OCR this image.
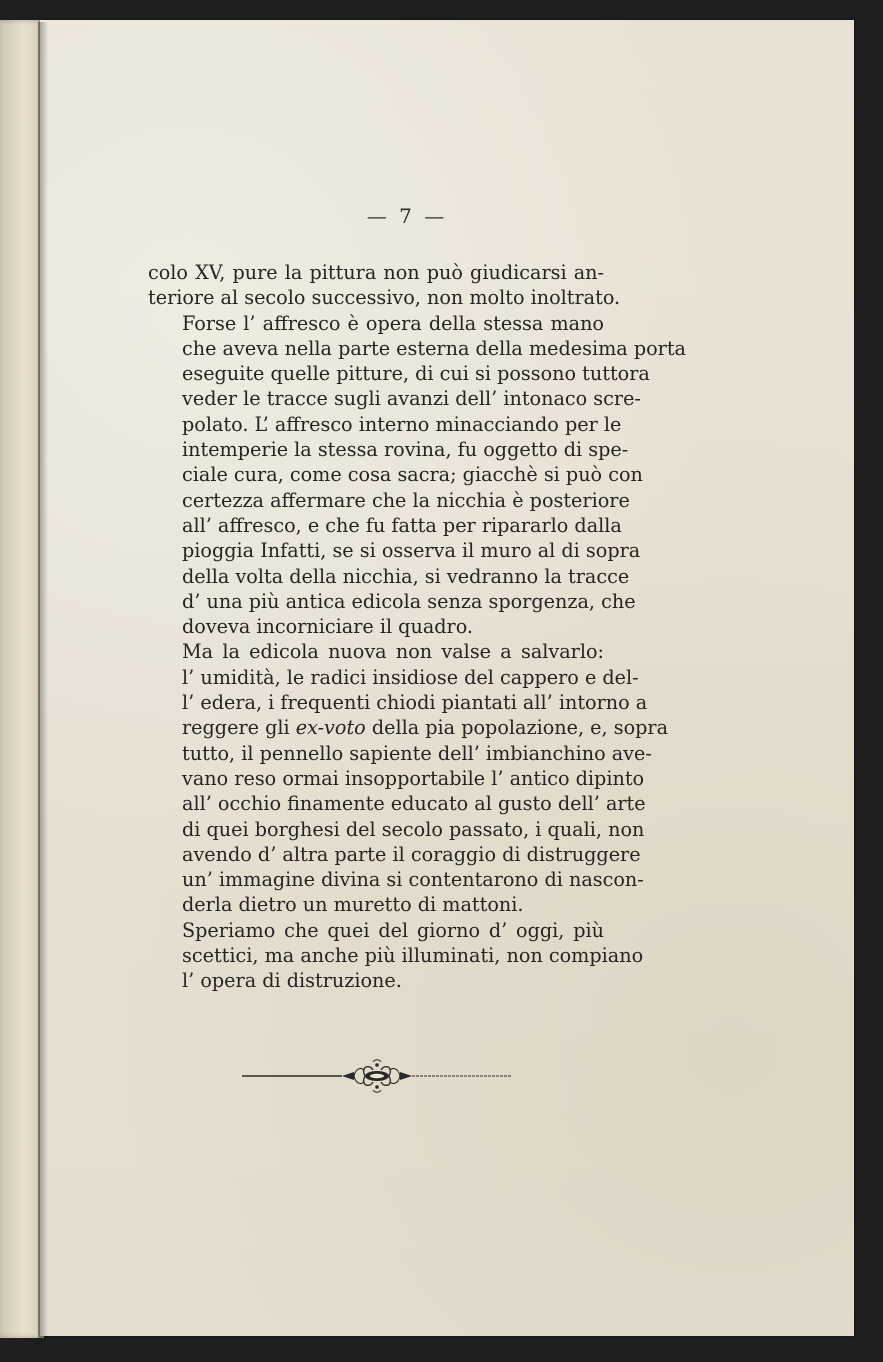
— 7 —

colo XV, pure la pittura non può giudicarsi an-
teriore al secolo successivo, non molto inoltrato.

Forse l’ affresco è opera della stessa mano
che aveva nella parte esterna della medesima porta
eseguite quelle pitture, di cui si possono tuttora
veder le tracce sugli avanzi dell’ intonaco scre-
polato. L’ affresco interno minacciando per le
intemperie la stessa rovina, fu oggetto di spe-
ciale cura, come cosa sacra; giacchè si può con
certezza affermare che la nicchia è posteriore
all’ affresco, e che fu fatta per ripararlo dalla
pioggia Infatti, se si osserva il muro al di sopra
della volta della nicchia, si vedranno la tracce
d’ una più antica edicola senza sporgenza, che
doveva incorniciare il quadro.

Ma la edicola nuova non valse a salvarlo:
l’ umidità, le radici insidiose del cappero e del-
l’ edera, i frequenti chiodi piantati all’ intorno a
reggere gli ex-voto della pia popolazione, e, sopra
tutto, il pennello sapiente dell’ imbianchino ave-
vano reso ormai insopportabile l’ antico dipinto
all’ occhio finamente educato al gusto dell’ arte
di quei borghesi del secolo passato, i quali, non
avendo d’ altra parte il coraggio di distruggere
un’ immagine divina si contentarono di nascon-
derla dietro un muretto di mattoni.

Speriamo che quei del giorno d’ oggi, più
scettici, ma anche più illuminati, non compiano
l’ opera di distruzione.
